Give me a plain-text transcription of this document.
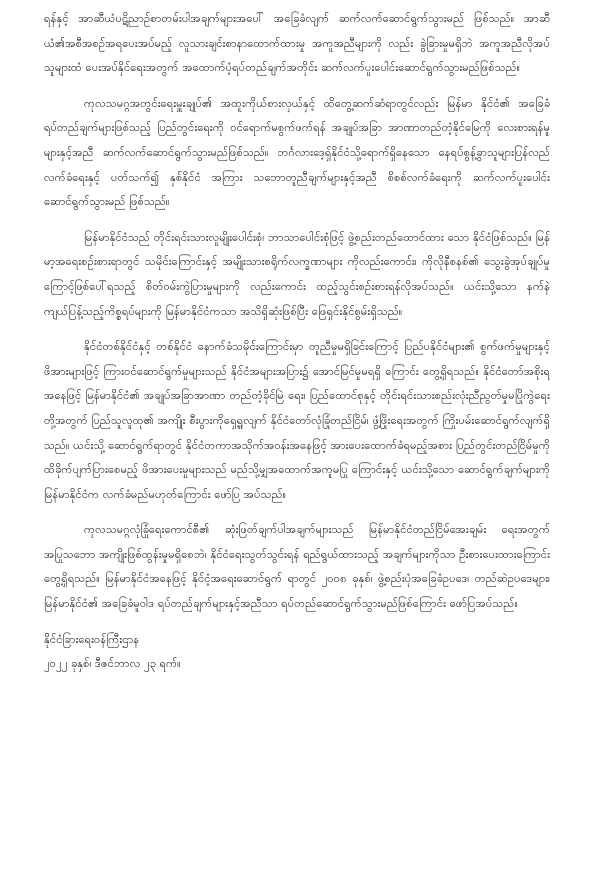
ရန်နှင့် အာဆီယံပဋိညာဉ်စာတမ်းပါအချက်များအပေါ် အခြေခံလျက် ဆက်လက်ဆောင်ရွက်သွားမည် ဖြစ်သည်။ အာဆီယံ၏အစီအစဉ်အရပေးအပ်မည့် လူသားချင်းစာနာထောက်ထားမှု အကူအညီများကို လည်း ခွဲခြားမှုမရှိဘဲ အကူအညီလိုအပ်သူများထံ ပေးအပ်နိုင်ရေးအတွက် အထောက်ပံ့ရပ်တည်ချက်အတိုင်း ဆက်လက်ပူးပေါင်းဆောင်ရွက်သွားမည်ဖြစ်သည်။

ကုလသမဂ္ဂအတွင်းရေးမှူးချုပ်၏ အထူးကိုယ်စားလှယ်နှင့် ထိတွေ့ဆက်ဆံရာတွင်လည်း မြန်မာ နိုင်ငံ၏ အခြေခံရပ်တည်ချက်များဖြစ်သည့် ပြည်တွင်းရေးကို ဝင်ရောက်မစွက်ဖက်ရန် အချုပ်အခြာ အာဏာတည်တံ့နိုင်မြေကို လေးစားရန်မူများနှင့်အညီ ဆက်လက်ဆောင်ရွက်သွားမည်ဖြစ်သည်။ ဘင်္ဂလားဒေ့ရှ်နိုင်ငံသို့ရောက်ရှိနေသော နေရပ်စွန့်ခွာသူများပြန်လည်လက်ခံရေးနှင့် ပတ်သက်၍ နှစ်နိုင်ငံ အကြား သဘောတူညီချက်များနှင့်အညီ စိစစ်လက်ခံရေးကို ဆက်လက်ပူးပေါင်း ဆောင်ရွက်သွားမည် ဖြစ်သည်။

မြန်မာနိုင်ငံသည် တိုင်းရင်းသားလူမျိုးပေါင်းစုံ၊ ဘာသာပေါင်းစုံဖြင့် ဖွဲ့စည်းတည်ထောင်ထား သော နိုင်ငံဖြစ်သည်။ မြန်မာ့အရေးစဉ်းစားရာတွင် သမိုင်းကြောင်းနှင့် အမျိုးသားစရိုက်လက္ခဏာများ ကိုလည်းကောင်း၊ ကိုလိုနီစနစ်၏ သွေးခွဲအုပ်ချုပ်မှုကြောင့်ဖြစ်ပေါ်ရသည့် စိတ်ဝမ်းကွဲပြားမှုများကို လည်းကောင်း ထည့်သွင်းစဉ်းစားရန်လိုအပ်သည်။ ယင်းသို့သော နက်နဲကျယ်ပြန့်သည့်ကိစ္စရပ်များကို မြန်မာနိုင်ငံကသာ အသိရှိဆုံးဖြစ်ပြီး ဖြေရှင်းနိုင်စွမ်းရှိသည်။

နိုင်ငံတစ်နိုင်ငံနှင့် တစ်နိုင်ငံ နောက်ခံသမိုင်းကြောင်းမှာ တူညီမှုမရှိခြင်းကြောင့် ပြည်ပနိုင်ငံများ၏ စွက်ဖက်မှုများနှင့် ဖိအားများဖြင့် ကြားဝင်ဆောင်ရွက်မှုများသည် နိုင်ငံအများအပြား၌ အောင်မြင်မှုမရရှိ ကြောင်း တွေ့ရှိရသည်။ နိုင်ငံတော်အစိုးရအနေဖြင့် မြန်မာနိုင်ငံ၏ အချုပ်အခြာအာဏာ တည်တံ့ခိုင်မြဲ ရေး၊ ပြည်ထောင်စုနှင့် တိုင်းရင်းသားစည်းလုံးညီညွတ်မှုမပြိုကွဲရေးတို့အတွက် ပြည်သူလူထု၏ အကျိုး စီးပွားကိုရှေ့ရှုလျက် နိုင်ငံတော်လုံခြုံတည်ငြိမ်၊ ဖွံ့ဖြိုးရေးအတွက် ကြိုးပမ်းဆောင်ရွက်လျက်ရှိသည်။ ယင်းသို့ ဆောင်ရွက်ရာတွင် နိုင်ငံတကာအသိုက်အဝန်းအနေဖြင့် အားပေးထောက်ခံရမည့်အစား ပြည်တွင်းတည်ငြိမ်မှုကို ထိခိုက်ပျက်ပြားစေမည့် ဖိအားပေးမှုများသည် မည်သို့မျှအထောက်အကူမပြု ကြောင်းနှင့် ယင်းသို့သော ဆောင်ရွက်ချက်များကို မြန်မာနိုင်ငံက လက်ခံမည်မဟုတ်ကြောင်း ဖော်ပြ အပ်သည်။

ကုလသမဂ္ဂလုံခြုံရေးကောင်စီ၏ ဆုံးဖြတ်ချက်ပါအချက်များသည် မြန်မာနိုင်ငံတည်ငြိမ်အေးချမ်း ရေးအတွက် အပြုသဘော အကျိုးဖြစ်ထွန်းမှုမရှိစေဘဲ၊ နိုင်ငံရေးသွတ်သွင်းရန် ရည်ရွယ်ထားသည့် အချက်များကိုသာ ဦးစားပေးထားကြောင်းတွေ့ရှိရသည်။ မြန်မာနိုင်ငံအနေဖြင့် နိုင်ငံ့အရေးဆောင်ရွက် ရာတွင် ၂၀၀၈ ခုနှစ်၊ ဖွဲ့စည်းပုံအခြေခံဥပဒေ၊ တည်ဆဲဥပဒေများ၊ မြန်မာနိုင်ငံ၏ အခြေခံမူဝါဒ ရပ်တည်ချက်များနှင့်အညီသာ ရပ်တည်ဆောင်ရွက်သွားမည်ဖြစ်ကြောင်း ဖော်ပြအပ်သည်။

နိုင်ငံခြားရေးဝန်ကြီးဌာန

၂၀၂၂ ခုနှစ်၊ ဒီဇင်ဘာလ ၂၃ ရက်။
